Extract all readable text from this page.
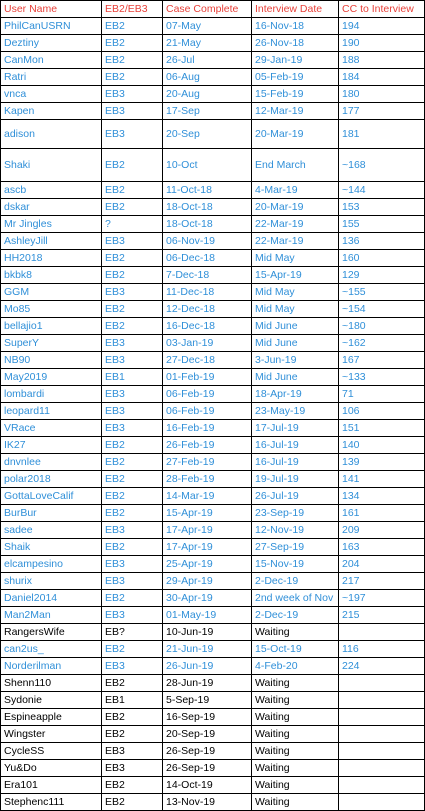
User Name	EB2/EB3	Case Complete	Interview Date	CC to Interview
PhilCanUSRN	EB2	07-May	16-Nov-18	194
Deztiny	EB2	21-May	26-Nov-18	190
CanMon	EB2	26-Jul	29-Jan-19	188
Ratri	EB2	06-Aug	05-Feb-19	184
vnca	EB3	20-Aug	15-Feb-19	180
Kapen	EB3	17-Sep	12-Mar-19	177
adison	EB3	20-Sep	20-Mar-19	181
Shaki	EB2	10-Oct	End March	~168
ascb	EB2	11-Oct-18	4-Mar-19	~144
dskar	EB2	18-Oct-18	20-Mar-19	153
Mr Jingles	?	18-Oct-18	22-Mar-19	155
AshleyJill	EB3	06-Nov-19	22-Mar-19	136
HH2018	EB2	06-Dec-18	Mid May	160
bkbk8	EB2	7-Dec-18	15-Apr-19	129
GGM	EB3	11-Dec-18	Mid May	~155
Mo85	EB2	12-Dec-18	Mid May	~154
bellajio1	EB2	16-Dec-18	Mid June	~180
SuperY	EB3	03-Jan-19	Mid June	~162
NB90	EB3	27-Dec-18	3-Jun-19	167
May2019	EB1	01-Feb-19	Mid June	~133
lombardi	EB3	06-Feb-19	18-Apr-19	71
leopard11	EB3	06-Feb-19	23-May-19	106
VRace	EB3	16-Feb-19	17-Jul-19	151
IK27	EB2	26-Feb-19	16-Jul-19	140
dnvnlee	EB2	27-Feb-19	16-Jul-19	139
polar2018	EB2	28-Feb-19	19-Jul-19	141
GottaLoveCalif	EB2	14-Mar-19	26-Jul-19	134
BurBur	EB2	15-Apr-19	23-Sep-19	161
sadee	EB3	17-Apr-19	12-Nov-19	209
Shaik	EB2	17-Apr-19	27-Sep-19	163
elcampesino	EB3	25-Apr-19	15-Nov-19	204
shurix	EB3	29-Apr-19	2-Dec-19	217
Daniel2014	EB2	30-Apr-19	2nd week of Nov	~197
Man2Man	EB3	01-May-19	2-Dec-19	215
RangersWife	EB?	10-Jun-19	Waiting	
can2us_	EB2	21-Jun-19	15-Oct-19	116
Norderilman	EB3	26-Jun-19	4-Feb-20	224
Shenn110	EB2	28-Jun-19	Waiting	
Sydonie	EB1	5-Sep-19	Waiting	
Espineapple	EB2	16-Sep-19	Waiting	
Wingster	EB2	20-Sep-19	Waiting	
CycleSS	EB3	26-Sep-19	Waiting	
Yu&Do	EB3	26-Sep-19	Waiting	
Era101	EB2	14-Oct-19	Waiting	
Stephenc111	EB2	13-Nov-19	Waiting	
